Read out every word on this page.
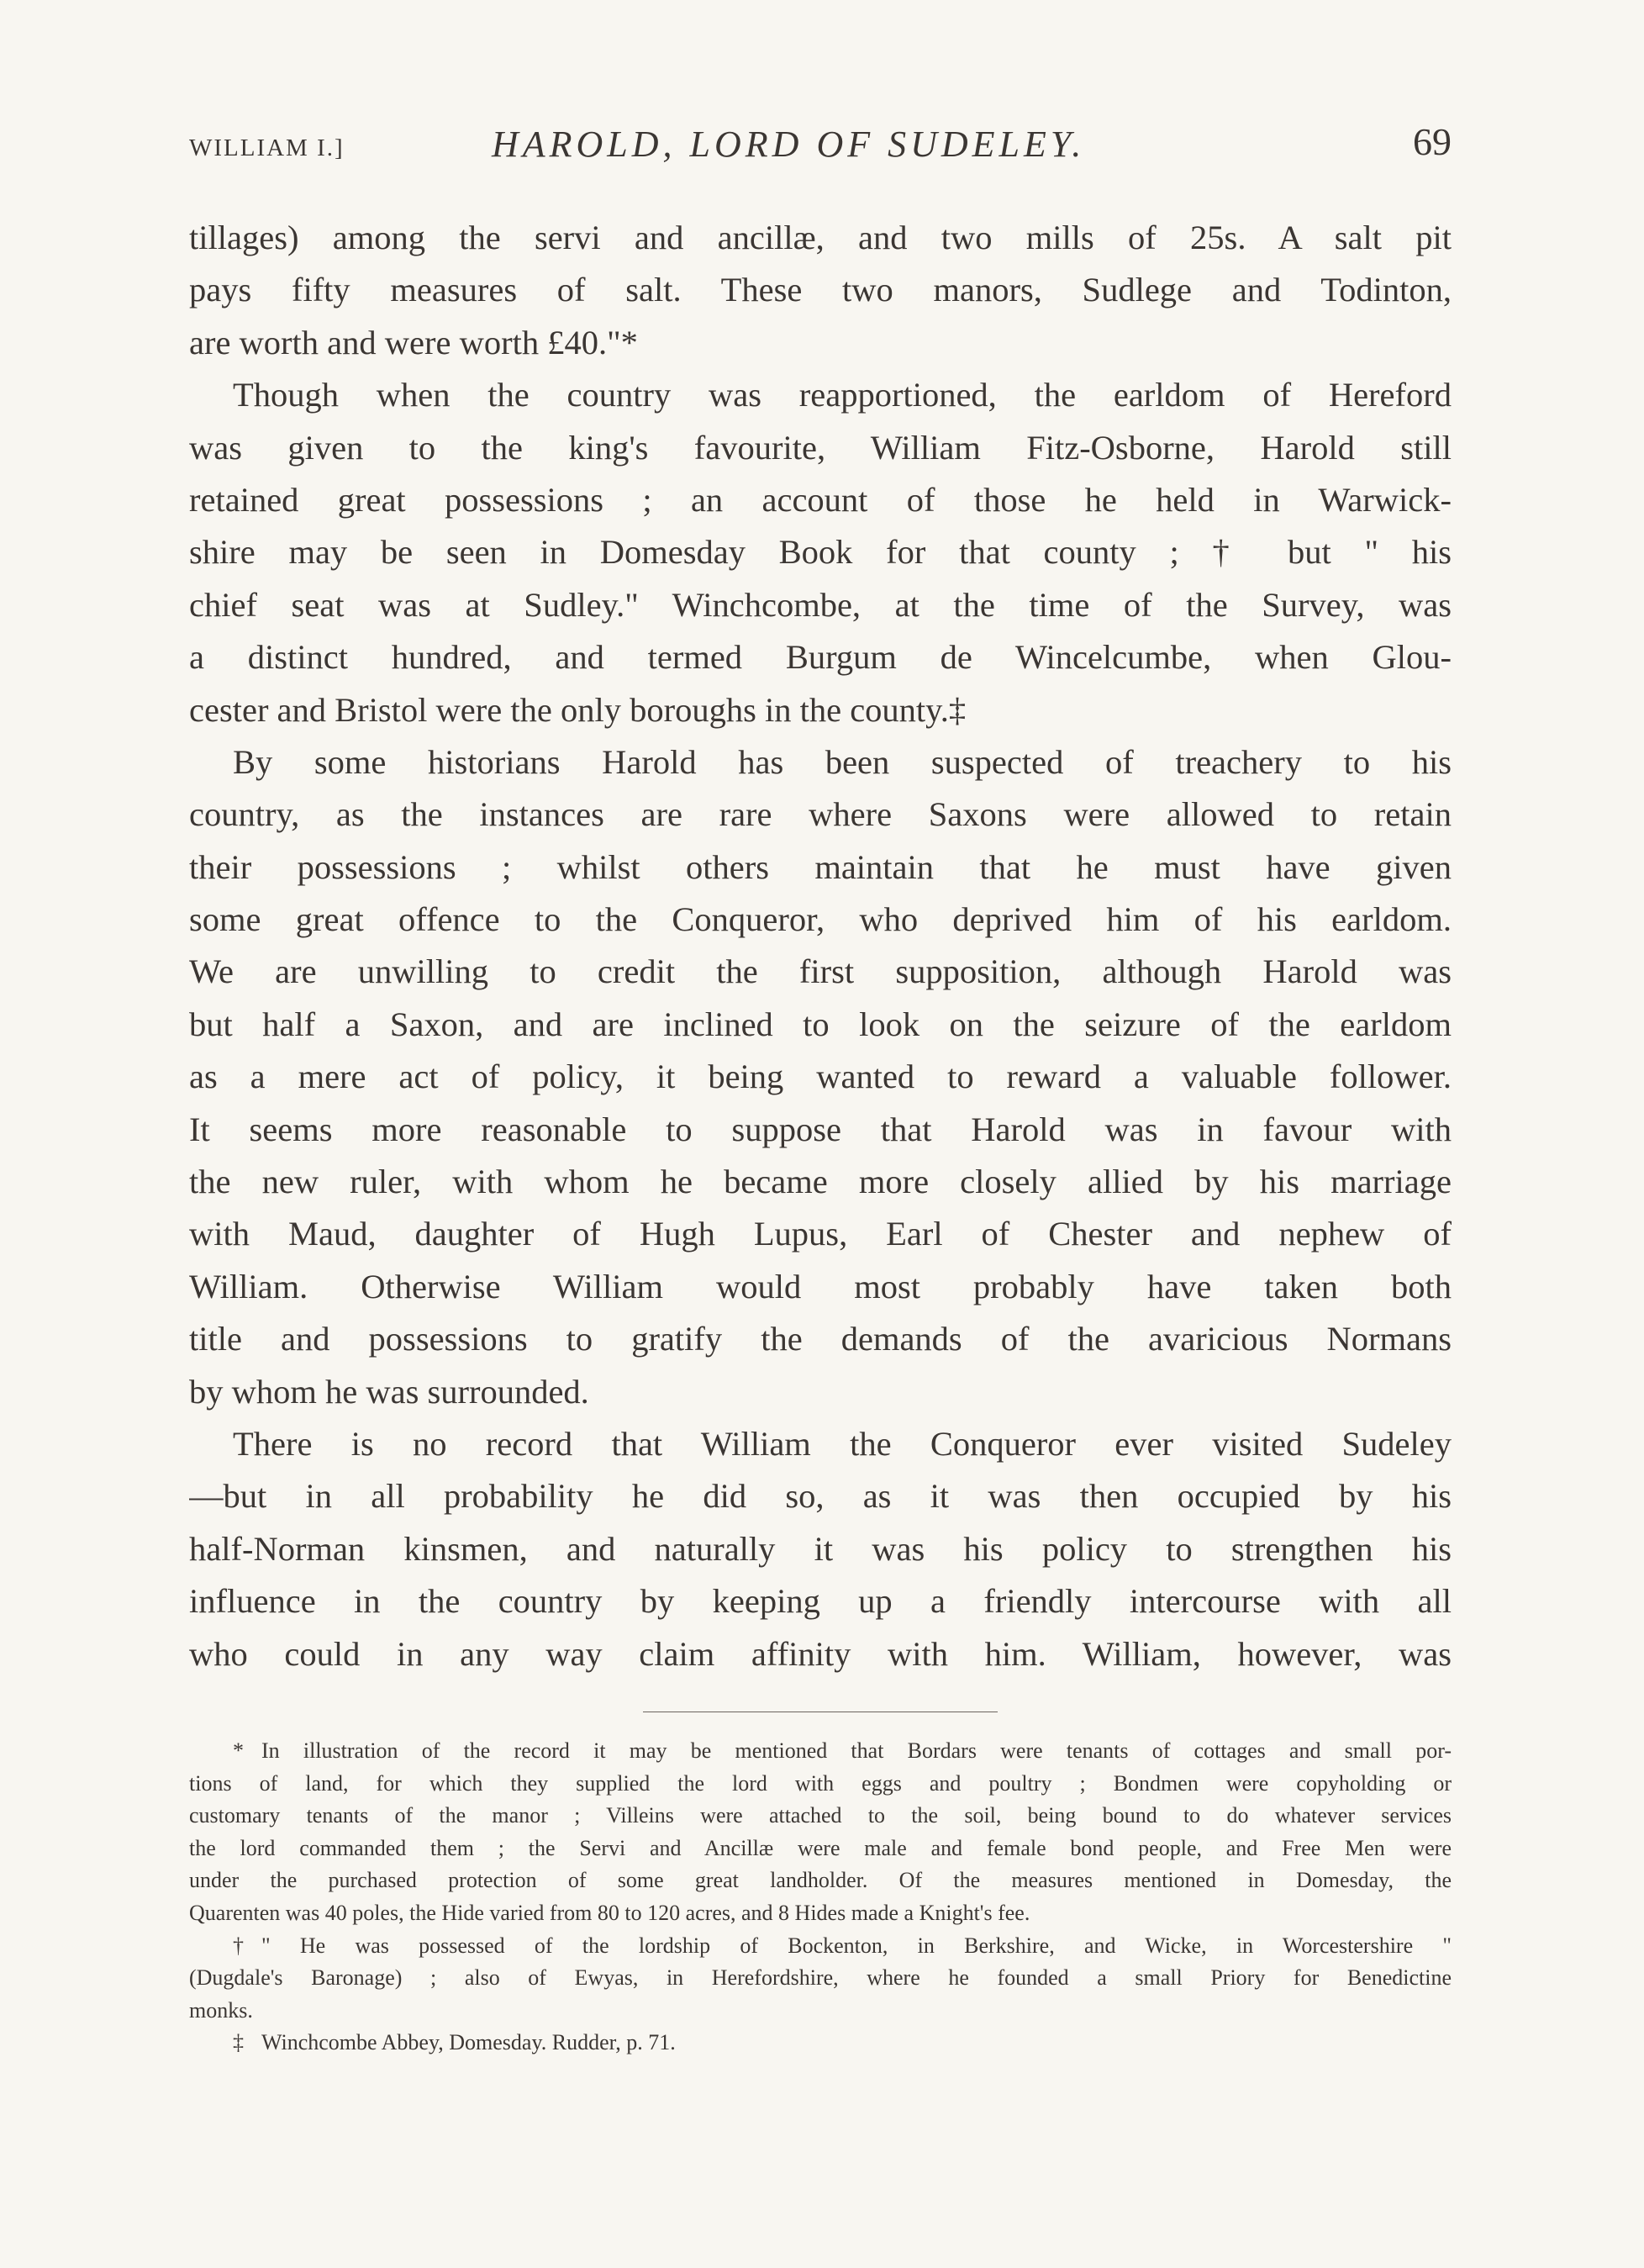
WILLIAM I.]	HAROLD, LORD OF SUDELEY.	69
tillages) among the servi and ancillæ, and two mills of 25s. A salt pit
pays fifty measures of salt. These two manors, Sudlege and Todinton,
are worth and were worth £40."*
Though when the country was reapportioned, the earldom of Hereford
was given to the king's favourite, William Fitz-Osborne, Harold still
retained great possessions ; an account of those he held in Warwick-
shire may be seen in Domesday Book for that county ; † but " his
chief seat was at Sudley." Winchcombe, at the time of the Survey, was
a distinct hundred, and termed Burgum de Wincelcumbe, when Glou-
cester and Bristol were the only boroughs in the county.‡
By some historians Harold has been suspected of treachery to his
country, as the instances are rare where Saxons were allowed to retain
their possessions ; whilst others maintain that he must have given
some great offence to the Conqueror, who deprived him of his earldom.
We are unwilling to credit the first supposition, although Harold was
but half a Saxon, and are inclined to look on the seizure of the earldom
as a mere act of policy, it being wanted to reward a valuable follower.
It seems more reasonable to suppose that Harold was in favour with
the new ruler, with whom he became more closely allied by his marriage
with Maud, daughter of Hugh Lupus, Earl of Chester and nephew of
William. Otherwise William would most probably have taken both
title and possessions to gratify the demands of the avaricious Normans
by whom he was surrounded.
There is no record that William the Conqueror ever visited Sudeley
—but in all probability he did so, as it was then occupied by his
half-Norman kinsmen, and naturally it was his policy to strengthen his
influence in the country by keeping up a friendly intercourse with all
who could in any way claim affinity with him. William, however, was
* In illustration of the record it may be mentioned that Bordars were tenants of cottages and small por-
tions of land, for which they supplied the lord with eggs and poultry ; Bondmen were copyholding or
customary tenants of the manor ; Villeins were attached to the soil, being bound to do whatever services
the lord commanded them ; the Servi and Ancillæ were male and female bond people, and Free Men were
under the purchased protection of some great landholder. Of the measures mentioned in Domesday, the
Quarenten was 40 poles, the Hide varied from 80 to 120 acres, and 8 Hides made a Knight's fee.
† " He was possessed of the lordship of Bockenton, in Berkshire, and Wicke, in Worcestershire "
(Dugdale's Baronage) ; also of Ewyas, in Herefordshire, where he founded a small Priory for Benedictine
monks.
‡ Winchcombe Abbey, Domesday. Rudder, p. 71.
